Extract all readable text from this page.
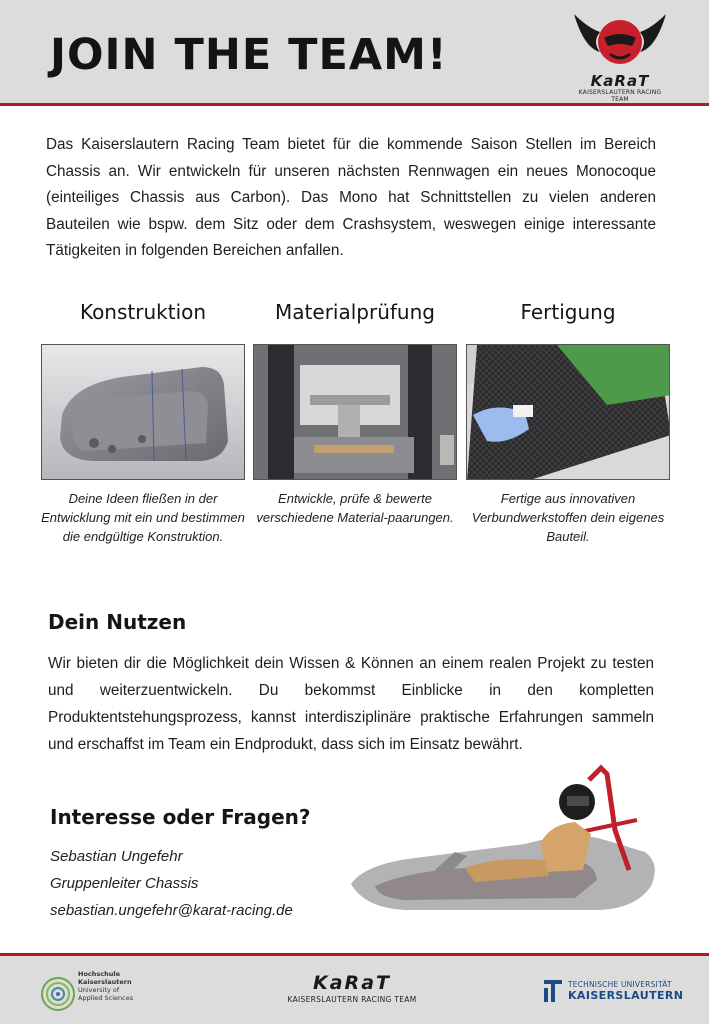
JOIN THE TEAM!
KaRaT
KAISERSLAUTERN RACING TEAM

Das Kaiserslautern Racing Team bietet für die kommende Saison Stellen im Bereich Chassis an. Wir entwickeln für unseren nächsten Rennwagen ein neues Monocoque (einteiliges Chassis aus Carbon). Das Mono hat Schnittstellen zu vielen anderen Bauteilen wie bspw. dem Sitz oder dem Crashsystem, weswegen einige interessante Tätigkeiten in folgenden Bereichen anfallen.

Konstruktion
Deine Ideen fließen in der Entwicklung mit ein und bestimmen die endgültige Konstruktion.
Materialprüfung
Entwickle, prüfe & bewerte verschiedene Material-paarungen.
Fertigung
Fertige aus innovativen Verbundwerkstoffen dein eigenes Bauteil.
Dein Nutzen

Wir bieten dir die Möglichkeit dein Wissen & Können an einem realen Projekt zu testen und weiterzuentwickeln. Du bekommst Einblicke in den kompletten Produktentstehungsprozess, kannst interdisziplinäre praktische Erfahrungen sammeln und erschaffst im Team ein Endprodukt, dass sich im Einsatz bewährt.

Interesse oder Fragen?
Sebastian Ungefehr
Gruppenleiter Chassis
sebastian.ungefehr@karat-racing.de
Hochschule
Kaiserslautern
University of
Applied Sciences
KaRaT
KAISERSLAUTERN RACING TEAM
TECHNISCHE UNIVERSITÄT
KAISERSLAUTERN
